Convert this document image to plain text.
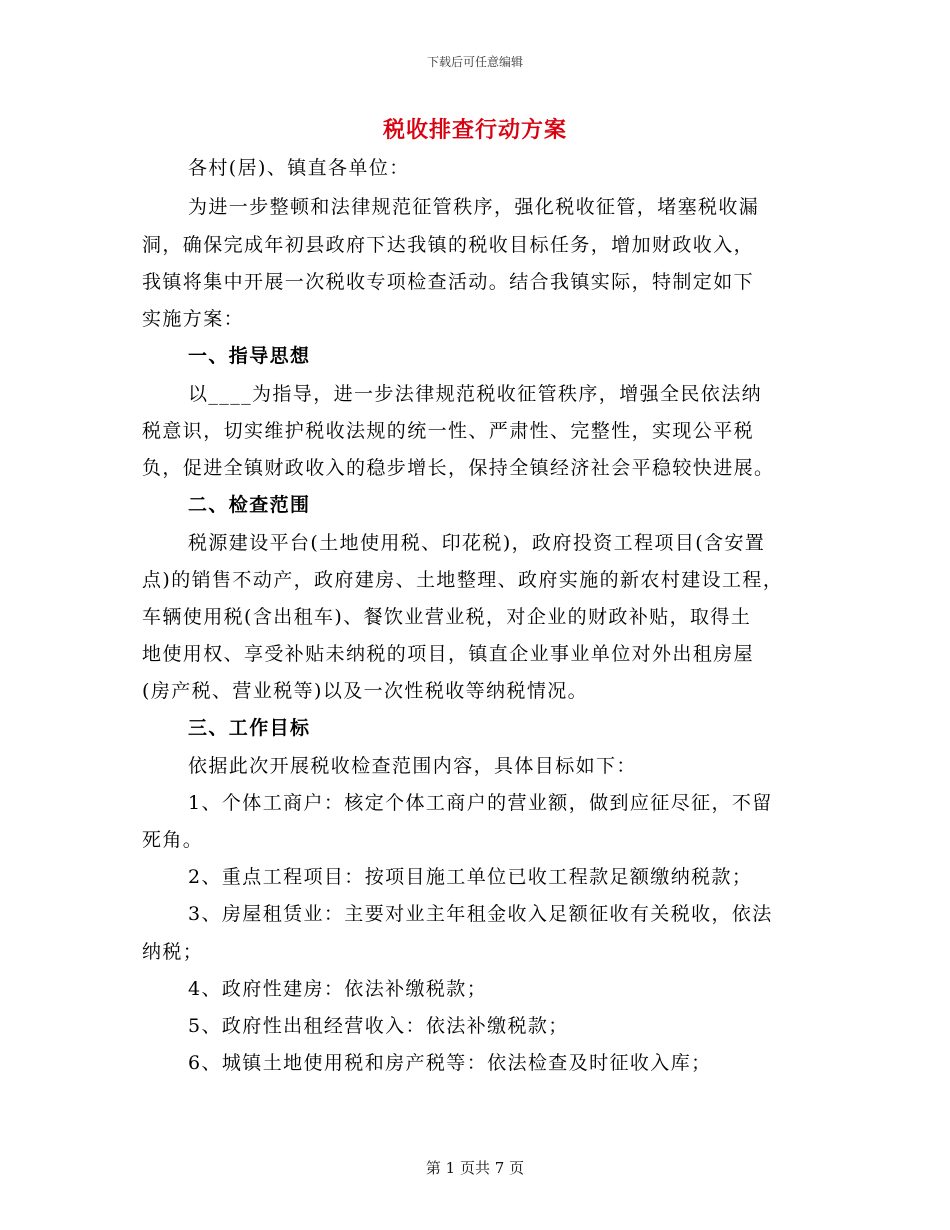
下载后可任意编辑
税收排查行动方案
各村(居)、镇直各单位：
为进一步整顿和法律规范征管秩序，强化税收征管，堵塞税收漏
洞，确保完成年初县政府下达我镇的税收目标任务，增加财政收入，
我镇将集中开展一次税收专项检查活动。结合我镇实际，特制定如下
实施方案：
一、指导思想
以____为指导，进一步法律规范税收征管秩序，增强全民依法纳
税意识，切实维护税收法规的统一性、严肃性、完整性，实现公平税
负，促进全镇财政收入的稳步增长，保持全镇经济社会平稳较快进展。
二、检查范围
税源建设平台(土地使用税、印花税)，政府投资工程项目(含安置
点)的销售不动产，政府建房、土地整理、政府实施的新农村建设工程，
车辆使用税(含出租车)、餐饮业营业税，对企业的财政补贴，取得土
地使用权、享受补贴未纳税的项目，镇直企业事业单位对外出租房屋
(房产税、营业税等)以及一次性税收等纳税情况。
三、工作目标
依据此次开展税收检查范围内容，具体目标如下：
1、个体工商户：核定个体工商户的营业额，做到应征尽征，不留
死角。
2、重点工程项目：按项目施工单位已收工程款足额缴纳税款；
3、房屋租赁业：主要对业主年租金收入足额征收有关税收，依法
纳税；
4、政府性建房：依法补缴税款；
5、政府性出租经营收入：依法补缴税款；
6、城镇土地使用税和房产税等：依法检查及时征收入库；
第 1 页共 7 页
